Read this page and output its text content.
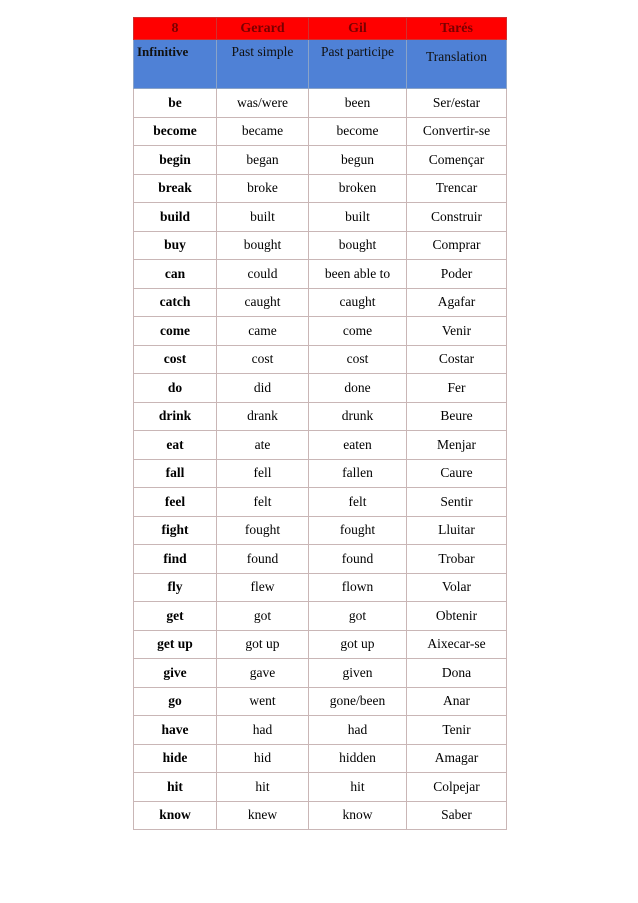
8	Gerard	Gil	Tarés
Infinitive	Past simple	Past participe	Translation
be	was/were	been	Ser/estar
become	became	become	Convertir-se
begin	began	begun	Començar
break	broke	broken	Trencar
build	built	built	Construir
buy	bought	bought	Comprar
can	could	been able to	Poder
catch	caught	caught	Agafar
come	came	come	Venir
cost	cost	cost	Costar
do	did	done	Fer
drink	drank	drunk	Beure
eat	ate	eaten	Menjar
fall	fell	fallen	Caure
feel	felt	felt	Sentir
fight	fought	fought	Lluitar
find	found	found	Trobar
fly	flew	flown	Volar
get	got	got	Obtenir
get up	got up	got up	Aixecar-se
give	gave	given	Dona
go	went	gone/been	Anar
have	had	had	Tenir
hide	hid	hidden	Amagar
hit	hit	hit	Colpejar
know	knew	know	Saber
